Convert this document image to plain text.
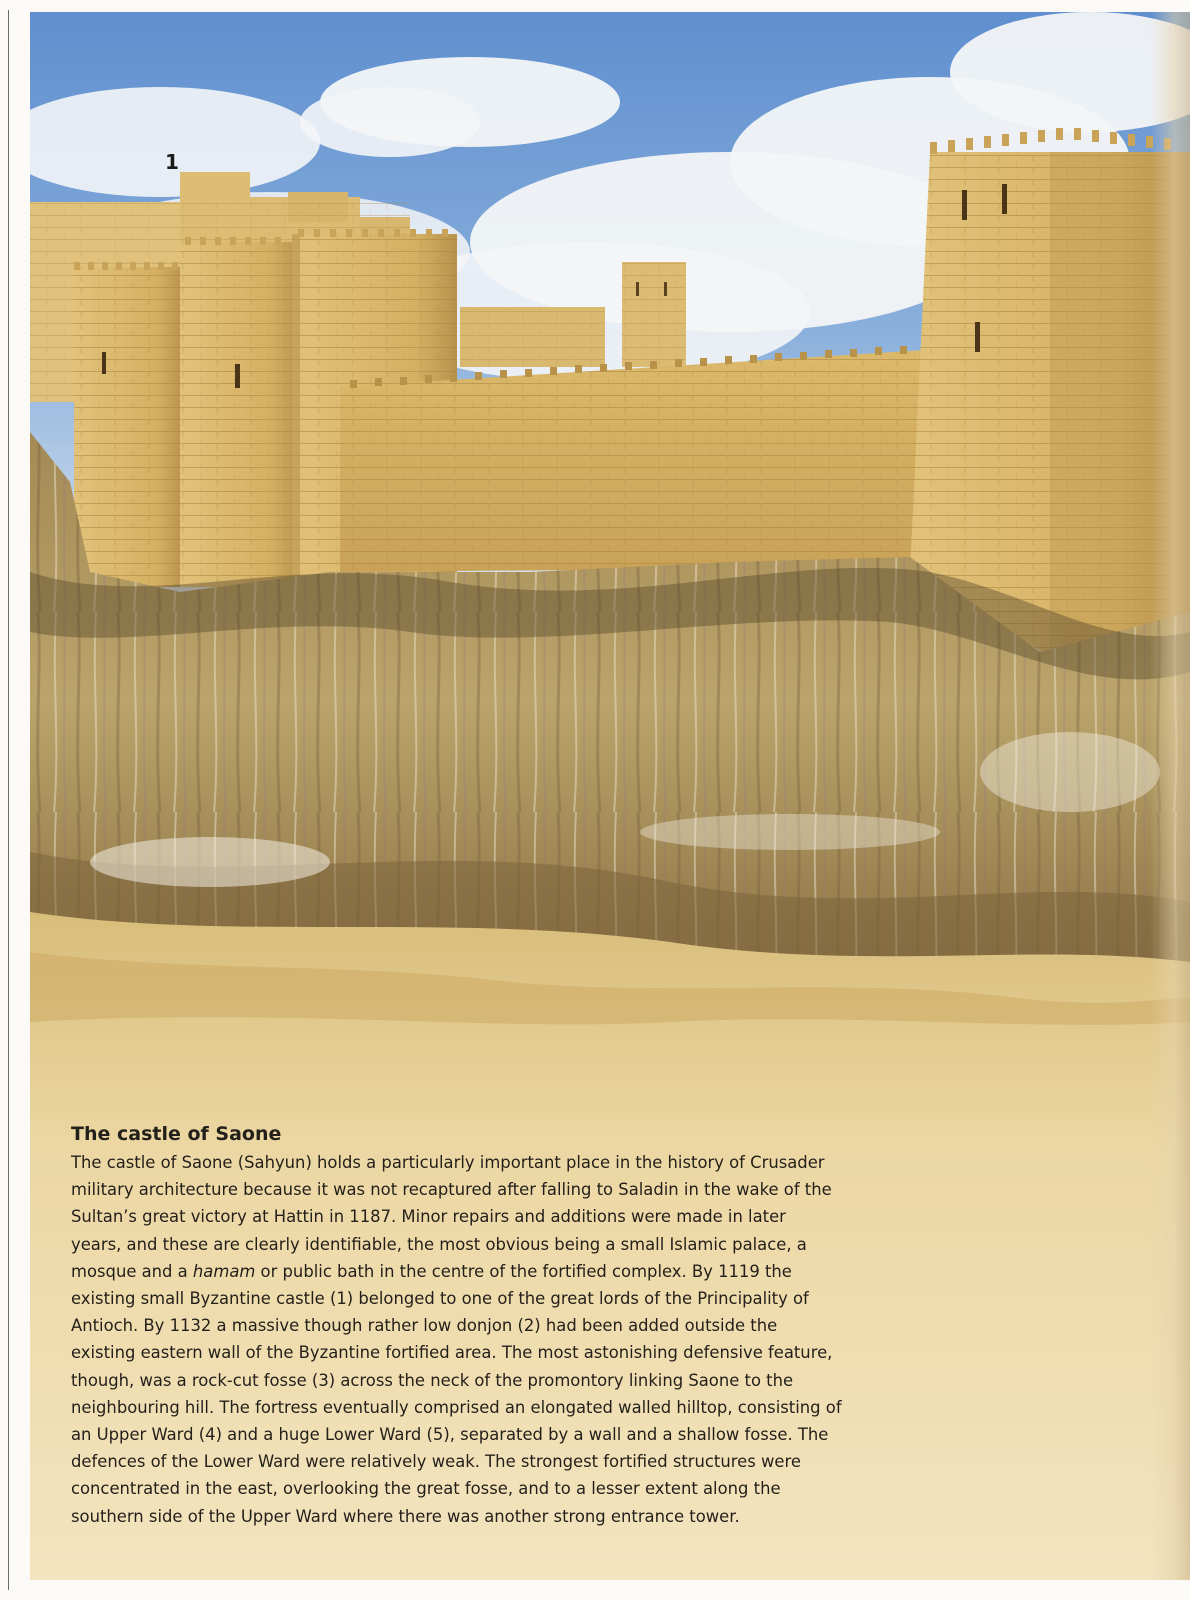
1
The castle of Saone
The castle of Saone (Sahyun) holds a particularly important place in the history of Crusader
military architecture because it was not recaptured after falling to Saladin in the wake of the
Sultan’s great victory at Hattin in 1187. Minor repairs and additions were made in later
years, and these are clearly identifiable, the most obvious being a small Islamic palace, a
mosque and a hamam or public bath in the centre of the fortified complex. By 1119 the
existing small Byzantine castle (1) belonged to one of the great lords of the Principality of
Antioch. By 1132 a massive though rather low donjon (2) had been added outside the
existing eastern wall of the Byzantine fortified area. The most astonishing defensive feature,
though, was a rock-cut fosse (3) across the neck of the promontory linking Saone to the
neighbouring hill. The fortress eventually comprised an elongated walled hilltop, consisting of
an Upper Ward (4) and a huge Lower Ward (5), separated by a wall and a shallow fosse. The
defences of the Lower Ward were relatively weak. The strongest fortified structures were
concentrated in the east, overlooking the great fosse, and to a lesser extent along the
southern side of the Upper Ward where there was another strong entrance tower.
